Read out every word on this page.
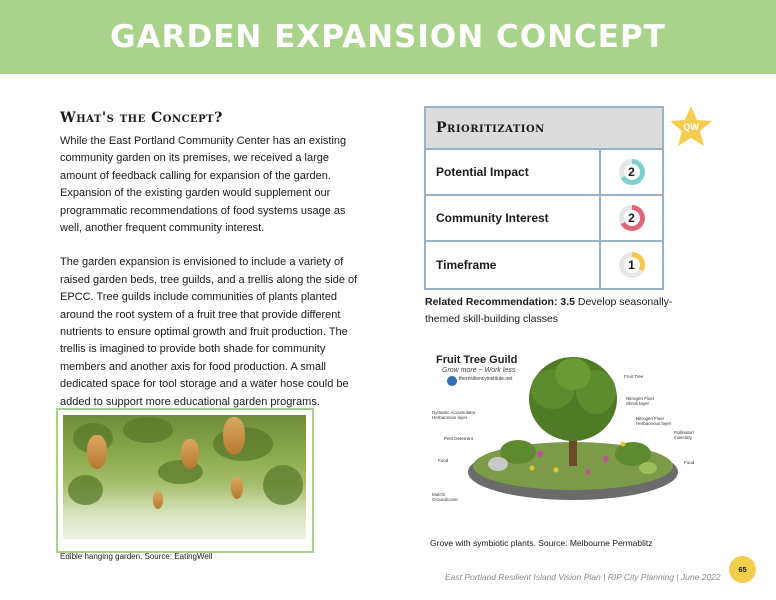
GARDEN EXPANSION CONCEPT
What's the Concept?

While the East Portland Community Center has an existing community garden on its premises, we received a large amount of feedback calling for expansion of the garden. Expansion of the existing garden would supplement our programmatic recommendations of food systems usage as well, another frequent community interest.

The garden expansion is envisioned to include a variety of raised garden beds, tree guilds, and a trellis along the side of EPCC. Tree guilds include communities of plants planted around the root system of a fruit tree that provide different nutrients to ensure optimal growth and fruit production. The trellis is imagined to provide both shade for community members and another axis for food production. A small dedicated space for tool storage and a water hose could be added to support more educational garden programs.

Edible hanging garden. Source: EatingWell
Prioritization
Potential Impact	2
Community Interest	2
Timeframe	1
QW
Related Recommendation: 3.5 Develop seasonally-themed skill-building classes
Fruit Tree Guild
Grow more ~ Work less
theresiliencyinstitute.net	Fruit Tree
Nitrogen Fixer Shrub layer
Dynamic Accumulator Herbaceous layer	Nitrogen Fixer Herbaceous layer
Pollinator/ Insectary
Pest Deterrent
Food	Food
Mulch/ Groundcover
Grove with symbiotic plants. Source: Melbourne Permablitz
East Portland Resilient Island Vision Plan | RIP City Planning | June 2022
65
